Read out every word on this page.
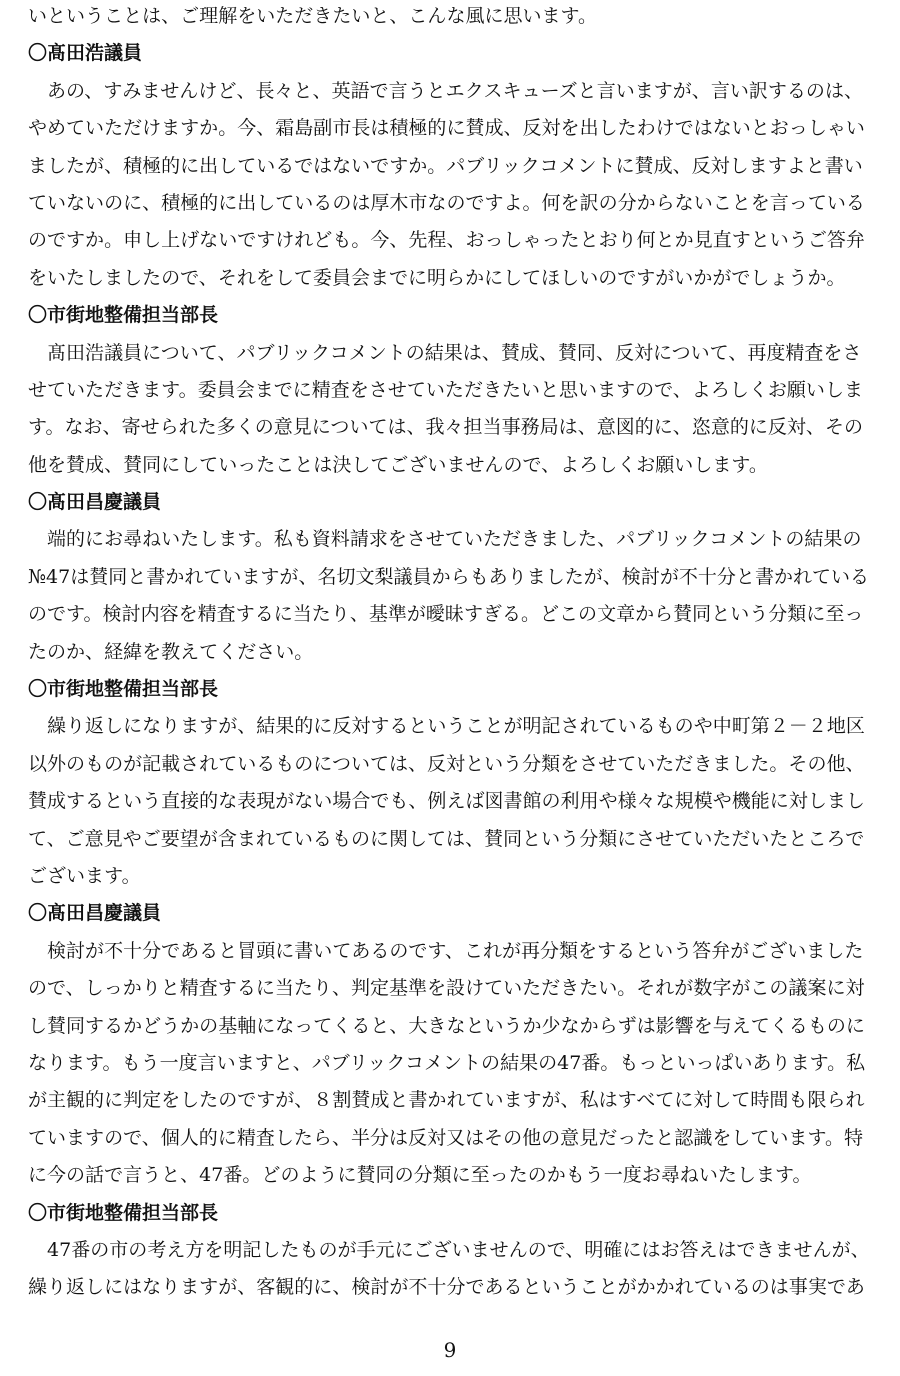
いということは、ご理解をいただきたいと、こんな風に思います。
〇髙田浩議員
　あの、すみませんけど、長々と、英語で言うとエクスキューズと言いますが、言い訳するのは、
やめていただけますか。今、霜島副市長は積極的に賛成、反対を出したわけではないとおっしゃい
ましたが、積極的に出しているではないですか。パブリックコメントに賛成、反対しますよと書い
ていないのに、積極的に出しているのは厚木市なのですよ。何を訳の分からないことを言っている
のですか。申し上げないですけれども。今、先程、おっしゃったとおり何とか見直すというご答弁
をいたしましたので、それをして委員会までに明らかにしてほしいのですがいかがでしょうか。
〇市街地整備担当部長
　髙田浩議員について、パブリックコメントの結果は、賛成、賛同、反対について、再度精査をさ
せていただきます。委員会までに精査をさせていただきたいと思いますので、よろしくお願いしま
す。なお、寄せられた多くの意見については、我々担当事務局は、意図的に、恣意的に反対、その
他を賛成、賛同にしていったことは決してございませんので、よろしくお願いします。
〇髙田昌慶議員
　端的にお尋ねいたします。私も資料請求をさせていただきました、パブリックコメントの結果の
№47は賛同と書かれていますが、名切文梨議員からもありましたが、検討が不十分と書かれている
のです。検討内容を精査するに当たり、基準が曖昧すぎる。どこの文章から賛同という分類に至っ
たのか、経緯を教えてください。
〇市街地整備担当部長
　繰り返しになりますが、結果的に反対するということが明記されているものや中町第２－２地区
以外のものが記載されているものについては、反対という分類をさせていただきました。その他、
賛成するという直接的な表現がない場合でも、例えば図書館の利用や様々な規模や機能に対しまし
て、ご意見やご要望が含まれているものに関しては、賛同という分類にさせていただいたところで
ございます。
〇髙田昌慶議員
　検討が不十分であると冒頭に書いてあるのです、これが再分類をするという答弁がございました
ので、しっかりと精査するに当たり、判定基準を設けていただきたい。それが数字がこの議案に対
し賛同するかどうかの基軸になってくると、大きなというか少なからずは影響を与えてくるものに
なります。もう一度言いますと、パブリックコメントの結果の47番。もっといっぱいあります。私
が主観的に判定をしたのですが、８割賛成と書かれていますが、私はすべてに対して時間も限られ
ていますので、個人的に精査したら、半分は反対又はその他の意見だったと認識をしています。特
に今の話で言うと、47番。どのように賛同の分類に至ったのかもう一度お尋ねいたします。
〇市街地整備担当部長
　47番の市の考え方を明記したものが手元にございませんので、明確にはお答えはできませんが、
繰り返しにはなりますが、客観的に、検討が不十分であるということがかかれているのは事実であ
9
